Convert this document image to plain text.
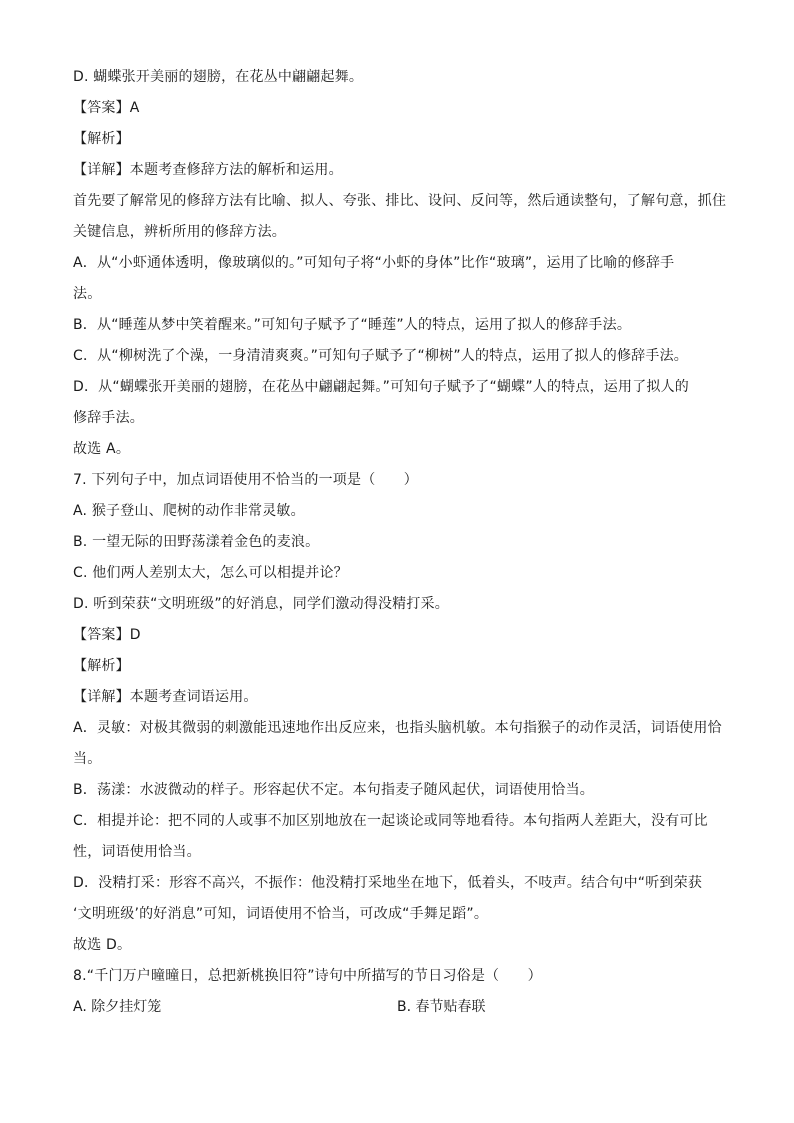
D. 蝴蝶张开美丽的翅膀，在花丛中翩翩起舞。
【答案】A
【解析】
【详解】本题考查修辞方法的解析和运用。
首先要了解常见的修辞方法有比喻、拟人、夸张、排比、设问、反问等，然后通读整句，了解句意，抓住
关键信息，辨析所用的修辞方法。
A．从“小虾通体透明，像玻璃似的。”可知句子将“小虾的身体”比作“玻璃”，运用了比喻的修辞手
法。
B．从“睡莲从梦中笑着醒来。”可知句子赋予了“睡莲”人的特点，运用了拟人的修辞手法。
C．从“柳树洗了个澡，一身清清爽爽。”可知句子赋予了“柳树”人的特点，运用了拟人的修辞手法。
D．从“蝴蝶张开美丽的翅膀，在花丛中翩翩起舞。”可知句子赋予了“蝴蝶”人的特点，运用了拟人的
修辞手法。
故选 A。
7. 下列句子中，加点词语使用不恰当的一项是（　　）
A. 猴子登山、爬树的动作非常灵敏。
B. 一望无际的田野荡漾着金色的麦浪。
C. 他们两人差别太大，怎么可以相提并论？
D. 听到荣获“文明班级”的好消息，同学们激动得没精打采。
【答案】D
【解析】
【详解】本题考查词语运用。
A．灵敏：对极其微弱的刺激能迅速地作出反应来，也指头脑机敏。本句指猴子的动作灵活，词语使用恰
当。
B．荡漾：水波微动的样子。形容起伏不定。本句指麦子随风起伏，词语使用恰当。
C．相提并论：把不同的人或事不加区别地放在一起谈论或同等地看待。本句指两人差距大，没有可比
性，词语使用恰当。
D．没精打采：形容不高兴，不振作：他没精打采地坐在地下，低着头，不吱声。结合句中“听到荣获
‘文明班级’的好消息”可知，词语使用不恰当，可改成“手舞足蹈”。
故选 D。
8.“千门万户曈曈日，总把新桃换旧符”诗句中所描写的节日习俗是（　　）
A. 除夕挂灯笼	B. 春节贴春联
